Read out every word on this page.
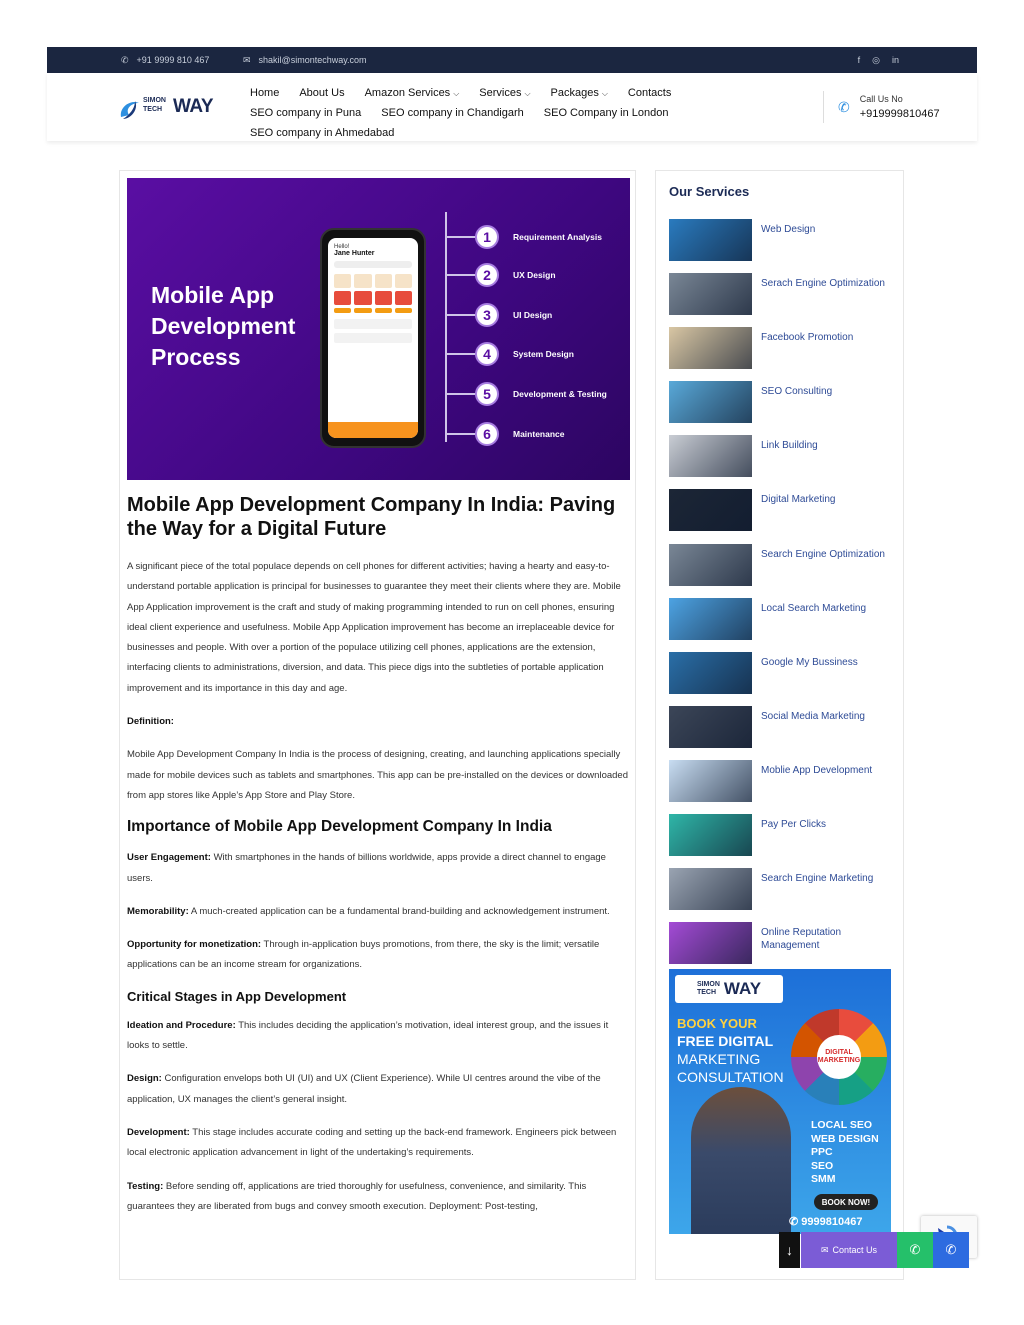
✆ +91 9999 810 467	✉ shakil@simontechway.com	f ◎ in
SIMON
TECH WAY
Home About Us Amazon Services ⌵ Services ⌵ Packages ⌵ Contacts
SEO company in Puna SEO company in Chandigarh SEO Company in London
SEO company in Ahmedabad
✆ Call Us No
+919999810467
Mobile App
Development
Process
Hello!
Jane Hunter
1	Requirement Analysis
2	UX Design
3	UI Design
4	System Design
5	Development & Testing
6	Maintenance
Mobile App Development Company In India: Paving the Way for a Digital Future

A significant piece of the total populace depends on cell phones for different activities; having a hearty and easy-to-understand portable application is principal for businesses to guarantee they meet their clients where they are. Mobile App Application improvement is the craft and study of making programming intended to run on cell phones, ensuring ideal client experience and usefulness. Mobile App Application improvement has become an irreplaceable device for businesses and people. With over a portion of the populace utilizing cell phones, applications are the extension, interfacing clients to administrations, diversion, and data. This piece digs into the subtleties of portable application improvement and its importance in this day and age.

Definition:

Mobile App Development Company In India is the process of designing, creating, and launching applications specially made for mobile devices such as tablets and smartphones. This app can be pre-installed on the devices or downloaded from app stores like Apple’s App Store and Play Store.

Importance of Mobile App Development Company In India

User Engagement: With smartphones in the hands of billions worldwide, apps provide a direct channel to engage users.

Memorability: A much-created application can be a fundamental brand-building and acknowledgement instrument.

Opportunity for monetization: Through in-application buys promotions, from there, the sky is the limit; versatile applications can be an income stream for organizations.

Critical Stages in App Development

Ideation and Procedure: This includes deciding the application’s motivation, ideal interest group, and the issues it looks to settle.

Design: Configuration envelops both UI (UI) and UX (Client Experience). While UI centres around the vibe of the application, UX manages the client’s general insight.

Development: This stage includes accurate coding and setting up the back-end framework. Engineers pick between local electronic application advancement in light of the undertaking’s requirements.

Testing: Before sending off, applications are tried thoroughly for usefulness, convenience, and similarity. This guarantees they are liberated from bugs and convey smooth execution. Deployment: Post-testing,

Our Services
Web Design
Serach Engine Optimization
Facebook Promotion
SEO Consulting
Link Building
Digital Marketing
Search Engine Optimization
Local Search Marketing
Google My Bussiness
Social Media Marketing
Moblie App Development
Pay Per Clicks
Search Engine Marketing
Online Reputation Management
SIMON
TECH WAY
BOOK YOUR
FREE DIGITAL
MARKETING
CONSULTATION
DIGITAL MARKETING
LOCAL SEO
WEB DESIGN
PPC
SEO
SMM
BOOK NOW!
✆ 9999810467
↓	✉ Contact Us	✆ ✆
